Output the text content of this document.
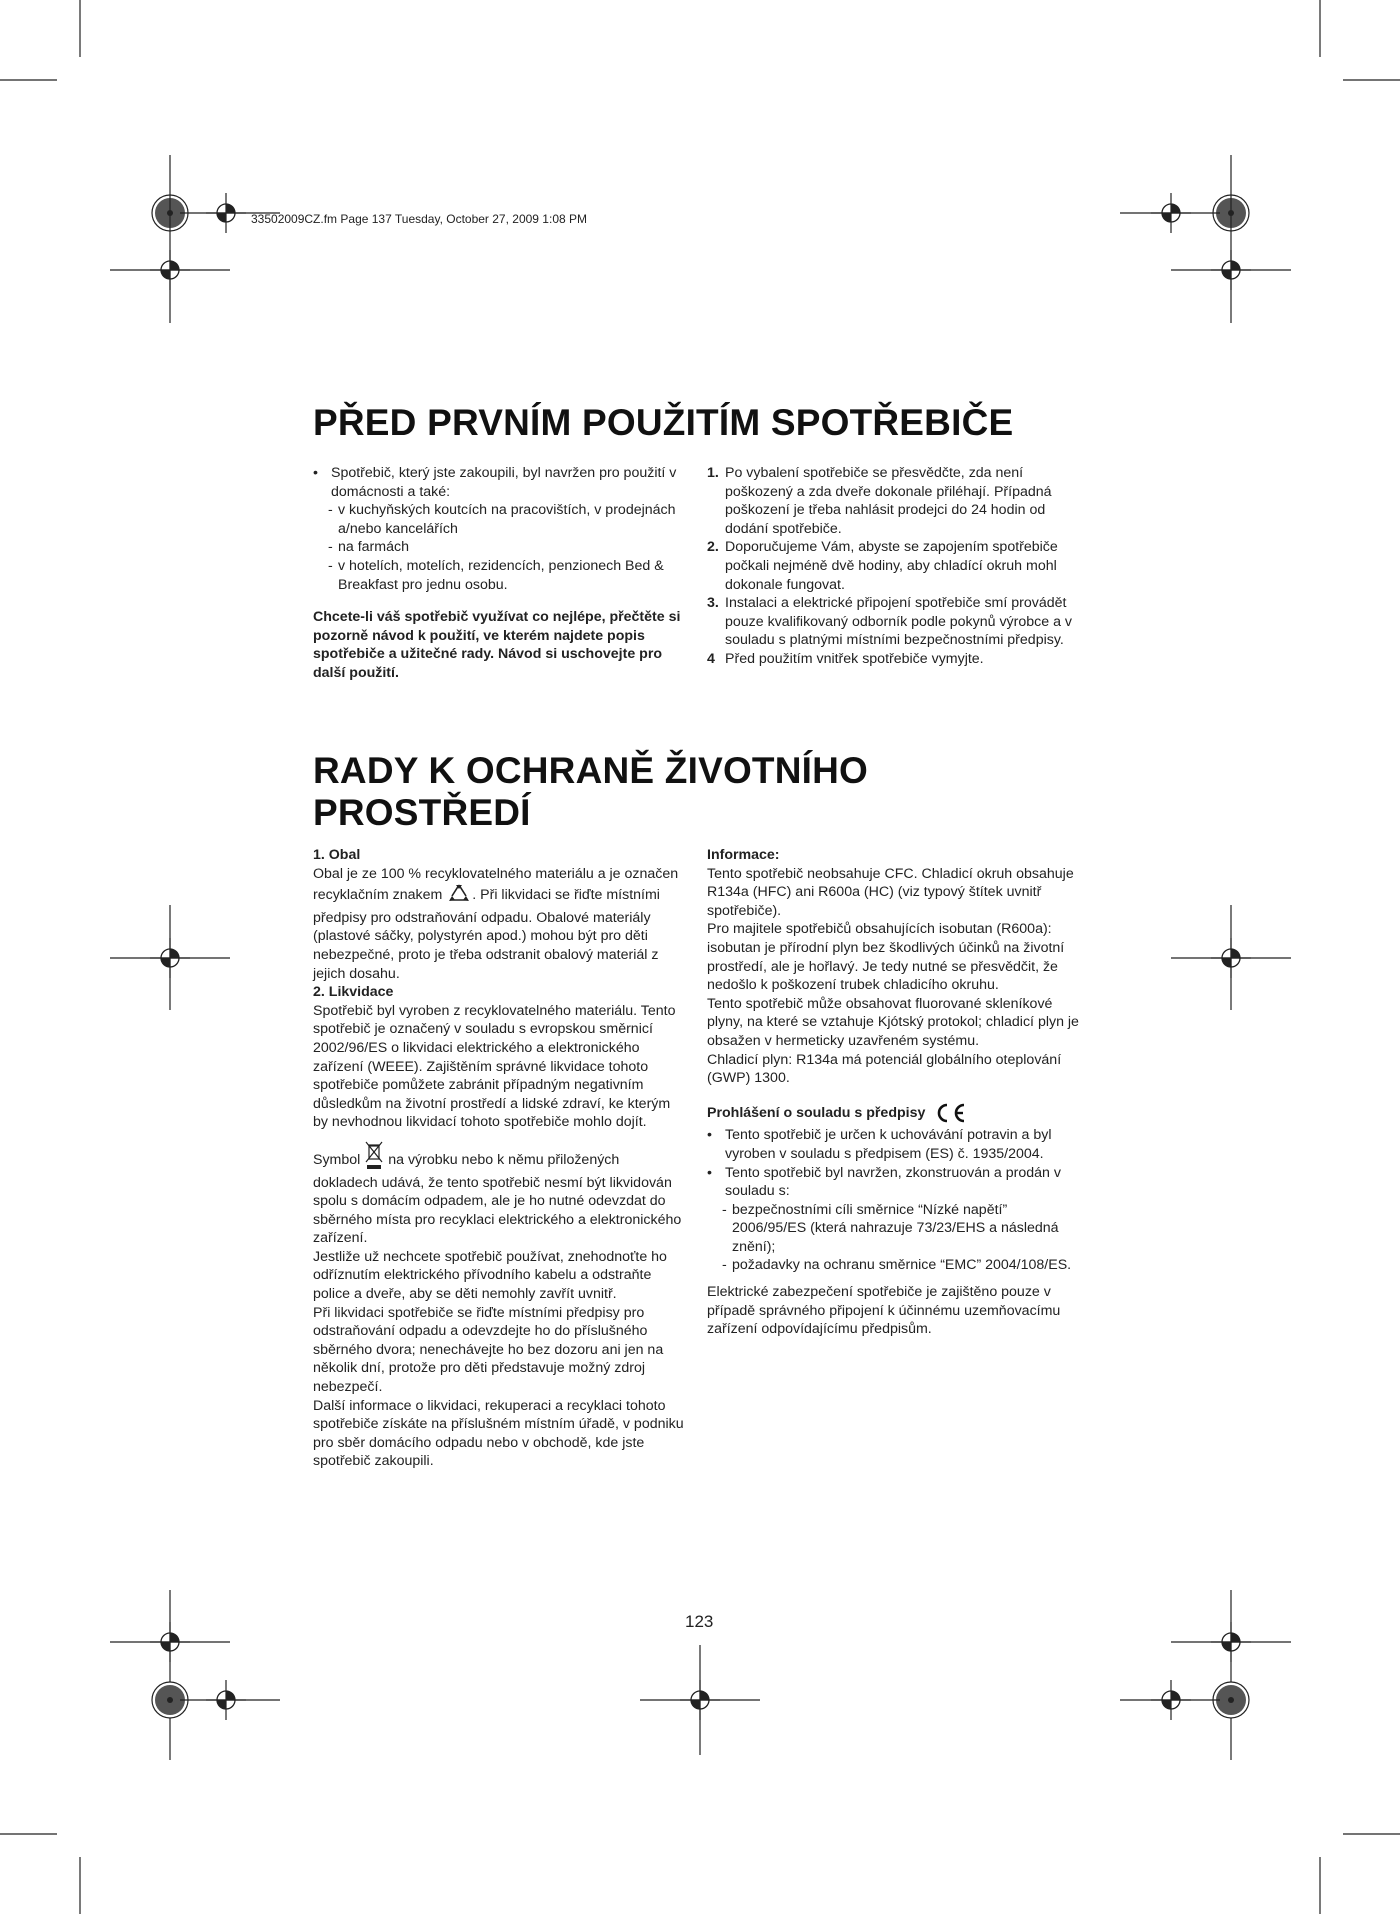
33502009CZ.fm Page 137 Tuesday, October 27, 2009 1:08 PM
PŘED PRVNÍM POUŽITÍM SPOTŘEBIČE

• Spotřebič, který jste zakoupili, byl navržen pro použití v domácnosti a také:

- v kuchyňských koutcích na pracovištích, v prodejnách a/nebo kancelářích

- na farmách

- v hotelích, motelích, rezidencích, penzionech Bed & Breakfast pro jednu osobu.

Chcete-li váš spotřebič využívat co nejlépe, přečtěte si pozorně návod k použití, ve kterém najdete popis spotřebiče a užitečné rady. Návod si uschovejte pro další použití.

1. Po vybalení spotřebiče se přesvědčte, zda není poškozený a zda dveře dokonale přiléhají. Případná poškození je třeba nahlásit prodejci do 24 hodin od dodání spotřebiče.

2. Doporučujeme Vám, abyste se zapojením spotřebiče počkali nejméně dvě hodiny, aby chladící okruh mohl dokonale fungovat.

3. Instalaci a elektrické připojení spotřebiče smí provádět pouze kvalifikovaný odborník podle pokynů výrobce a v souladu s platnými místními bezpečnostními předpisy.

4 Před použitím vnitřek spotřebiče vymyjte.

RADY K OCHRANĚ ŽIVOTNÍHO
PROSTŘEDÍ

1. Obal

Obal je ze 100 % recyklovatelného materiálu a je označen recyklačním znakem . Při likvidaci se řiďte místními předpisy pro odstraňování odpadu. Obalové materiály (plastové sáčky, polystyrén apod.) mohou být pro děti nebezpečné, proto je třeba odstranit obalový materiál z jejich dosahu.

2. Likvidace

Spotřebič byl vyroben z recyklovatelného materiálu. Tento spotřebič je označený v souladu s evropskou směrnicí 2002/96/ES o likvidaci elektrického a elektronického zařízení (WEEE). Zajištěním správné likvidace tohoto spotřebiče pomůžete zabránit případným negativním důsledkům na životní prostředí a lidské zdraví, ke kterým by nevhodnou likvidací tohoto spotřebiče mohlo dojít.

Symbol na výrobku nebo k němu přiložených dokladech udává, že tento spotřebič nesmí být likvidován spolu s domácím odpadem, ale je ho nutné odevzdat do sběrného místa pro recyklaci elektrického a elektronického zařízení.

Jestliže už nechcete spotřebič používat, znehodnoťte ho odříznutím elektrického přívodního kabelu a odstraňte police a dveře, aby se děti nemohly zavřít uvnitř.

Při likvidaci spotřebiče se řiďte místními předpisy pro odstraňování odpadu a odevzdejte ho do příslušného sběrného dvora; nenechávejte ho bez dozoru ani jen na několik dní, protože pro děti představuje možný zdroj nebezpečí.

Další informace o likvidaci, rekuperaci a recyklaci tohoto spotřebiče získáte na příslušném místním úřadě, v podniku pro sběr domácího odpadu nebo v obchodě, kde jste spotřebič zakoupili.

Informace:

Tento spotřebič neobsahuje CFC. Chladicí okruh obsahuje R134a (HFC) ani R600a (HC) (viz typový štítek uvnitř spotřebiče).

Pro majitele spotřebičů obsahujících isobutan (R600a): isobutan je přírodní plyn bez škodlivých účinků na životní prostředí, ale je hořlavý. Je tedy nutné se přesvědčit, že nedošlo k poškození trubek chladicího okruhu.

Tento spotřebič může obsahovat fluorované skleníkové plyny, na které se vztahuje Kjótský protokol; chladicí plyn je obsažen v hermeticky uzavřeném systému.

Chladicí plyn: R134a má potenciál globálního oteplování (GWP) 1300.

Prohlášení o souladu s předpisy

• Tento spotřebič je určen k uchovávání potravin a byl vyroben v souladu s předpisem (ES) č. 1935/2004.

• Tento spotřebič byl navržen, zkonstruován a prodán v souladu s:

- bezpečnostními cíli směrnice “Nízké napětí” 2006/95/ES (která nahrazuje 73/23/EHS a následná znění);

- požadavky na ochranu směrnice “EMC” 2004/108/ES.

Elektrické zabezpečení spotřebiče je zajištěno pouze v případě správného připojení k účinnému uzemňovacímu zařízení odpovídajícímu předpisům.

123
